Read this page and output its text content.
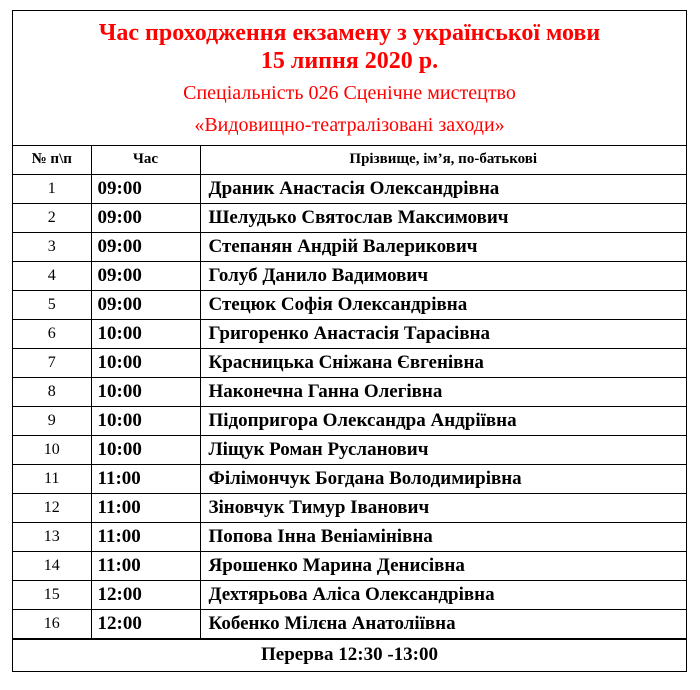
Час проходження екзамену з української мови
15 липня 2020 р.
Спеціальність 026 Сценічне мистецтво
«Видовищно-театралізовані заходи»
№ п\п	Час	Прізвище, ім’я, по-батькові
1	09:00	Драник Анастасія Олександрівна
2	09:00	Шелудько Святослав Максимович
3	09:00	Степанян Андрій Валерикович
4	09:00	Голуб Данило Вадимович
5	09:00	Стецюк Софія Олександрівна
6	10:00	Григоренко Анастасія Тарасівна
7	10:00	Красницька Сніжана Євгенівна
8	10:00	Наконечна Ганна Олегівна
9	10:00	Підопригора Олександра Андріївна
10	10:00	Ліщук Роман Русланович
11	11:00	Філімончук Богдана Володимирівна
12	11:00	Зіновчук Тимур Іванович
13	11:00	Попова Інна Веніамінівна
14	11:00	Ярошенко Марина Денисівна
15	12:00	Дехтярьова Аліса Олександрівна
16	12:00	Кобенко Мілєна Анатоліївна
Перерва 12:30 -13:00
